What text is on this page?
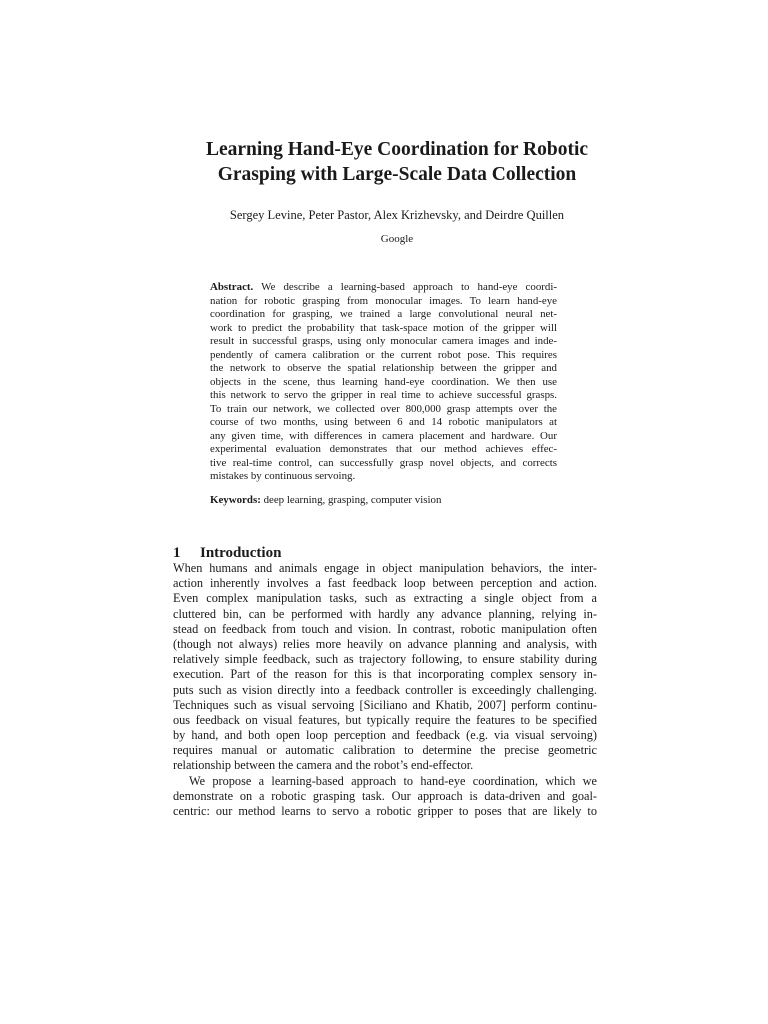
Learning Hand-Eye Coordination for Robotic
Grasping with Large-Scale Data Collection
Sergey Levine, Peter Pastor, Alex Krizhevsky, and Deirdre Quillen
Google
Abstract. We describe a learning-based approach to hand-eye coordi-
nation for robotic grasping from monocular images. To learn hand-eye
coordination for grasping, we trained a large convolutional neural net-
work to predict the probability that task-space motion of the gripper will
result in successful grasps, using only monocular camera images and inde-
pendently of camera calibration or the current robot pose. This requires
the network to observe the spatial relationship between the gripper and
objects in the scene, thus learning hand-eye coordination. We then use
this network to servo the gripper in real time to achieve successful grasps.
To train our network, we collected over 800,000 grasp attempts over the
course of two months, using between 6 and 14 robotic manipulators at
any given time, with differences in camera placement and hardware. Our
experimental evaluation demonstrates that our method achieves effec-
tive real-time control, can successfully grasp novel objects, and corrects
mistakes by continuous servoing.
Keywords: deep learning, grasping, computer vision
1 Introduction
When humans and animals engage in object manipulation behaviors, the inter-
action inherently involves a fast feedback loop between perception and action.
Even complex manipulation tasks, such as extracting a single object from a
cluttered bin, can be performed with hardly any advance planning, relying in-
stead on feedback from touch and vision. In contrast, robotic manipulation often
(though not always) relies more heavily on advance planning and analysis, with
relatively simple feedback, such as trajectory following, to ensure stability during
execution. Part of the reason for this is that incorporating complex sensory in-
puts such as vision directly into a feedback controller is exceedingly challenging.
Techniques such as visual servoing [Siciliano and Khatib, 2007] perform continu-
ous feedback on visual features, but typically require the features to be specified
by hand, and both open loop perception and feedback (e.g. via visual servoing)
requires manual or automatic calibration to determine the precise geometric
relationship between the camera and the robot’s end-effector.
We propose a learning-based approach to hand-eye coordination, which we
demonstrate on a robotic grasping task. Our approach is data-driven and goal-
centric: our method learns to servo a robotic gripper to poses that are likely to
